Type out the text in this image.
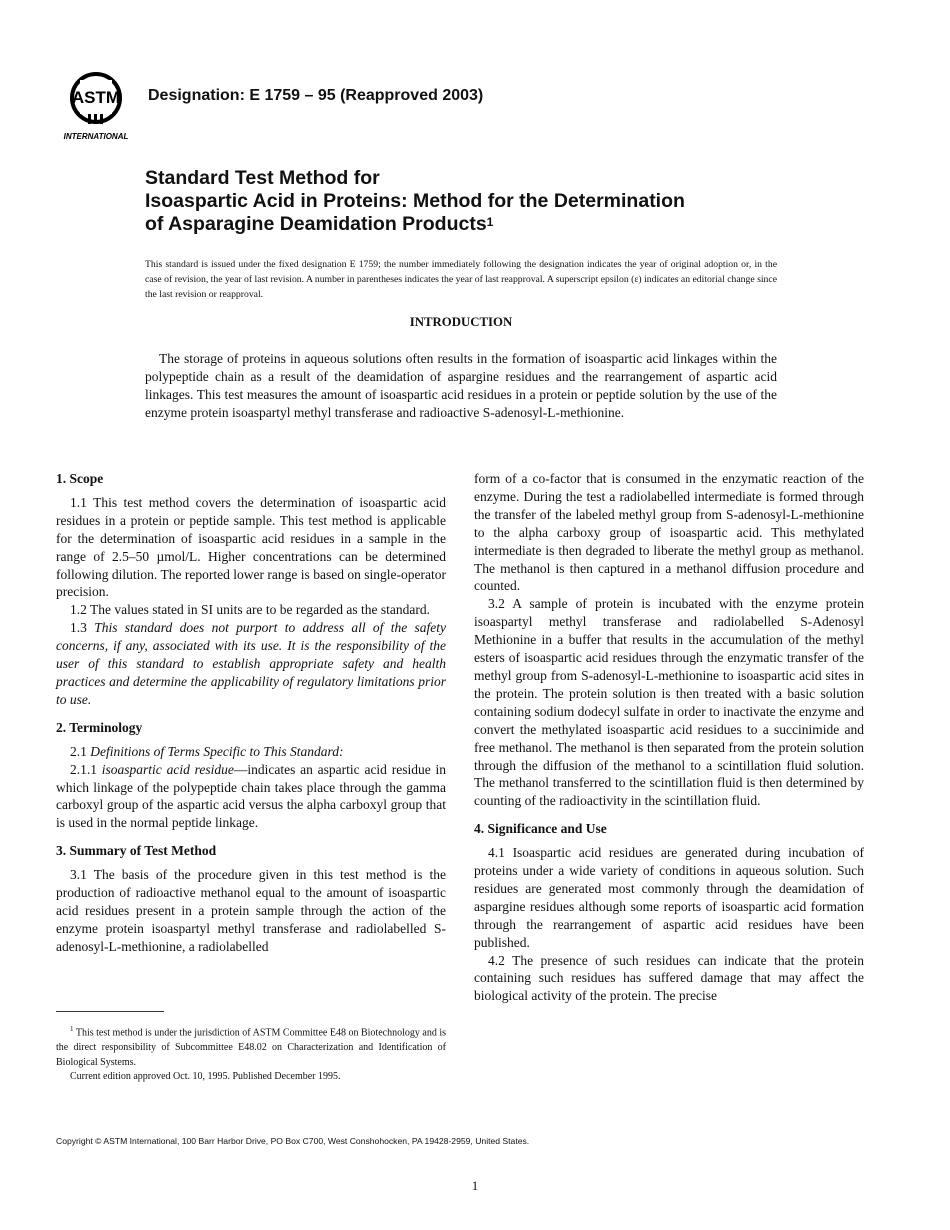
ASTM
INTERNATIONAL
Designation: E 1759 – 95 (Reapproved 2003)
Standard Test Method for
Isoaspartic Acid in Proteins: Method for the Determination
of Asparagine Deamidation Products$^1$
This standard is issued under the fixed designation E 1759; the number immediately following the designation indicates the year of original adoption or, in the case of revision, the year of last revision. A number in parentheses indicates the year of last reapproval. A superscript epsilon (ε) indicates an editorial change since the last revision or reapproval.
INTRODUCTION
The storage of proteins in aqueous solutions often results in the formation of isoaspartic acid linkages within the polypeptide chain as a result of the deamidation of aspargine residues and the rearrangement of aspartic acid linkages. This test measures the amount of isoaspartic acid residues in a protein or peptide solution by the use of the enzyme protein isoaspartyl methyl transferase and radioactive S-adenosyl-L-methionine.
1. Scope

1.1 This test method covers the determination of isoaspartic acid residues in a protein or peptide sample. This test method is applicable for the determination of isoaspartic acid residues in a sample in the range of 2.5–50 µmol/L. Higher concentrations can be determined following dilution. The reported lower range is based on single-operator precision.

1.2 The values stated in SI units are to be regarded as the standard.

1.3 This standard does not purport to address all of the safety concerns, if any, associated with its use. It is the responsibility of the user of this standard to establish appropriate safety and health practices and determine the applicability of regulatory limitations prior to use.

2. Terminology

2.1 Definitions of Terms Specific to This Standard:

2.1.1 isoaspartic acid residue—indicates an aspartic acid residue in which linkage of the polypeptide chain takes place through the gamma carboxyl group of the aspartic acid versus the alpha carboxyl group that is used in the normal peptide linkage.

3. Summary of Test Method

3.1 The basis of the procedure given in this test method is the production of radioactive methanol equal to the amount of isoaspartic acid residues present in a protein sample through the action of the enzyme protein isoaspartyl methyl transferase and radiolabelled S-adenosyl-L-methionine, a radiolabelled

form of a co-factor that is consumed in the enzymatic reaction of the enzyme. During the test a radiolabelled intermediate is formed through the transfer of the labeled methyl group from S-adenosyl-L-methionine to the alpha carboxy group of isoaspartic acid. This methylated intermediate is then degraded to liberate the methyl group as methanol. The methanol is then captured in a methanol diffusion procedure and counted.

3.2 A sample of protein is incubated with the enzyme protein isoaspartyl methyl transferase and radiolabelled S-Adenosyl Methionine in a buffer that results in the accumulation of the methyl esters of isoaspartic acid residues through the enzymatic transfer of the methyl group from S-adenosyl-L-methionine to isoaspartic acid sites in the protein. The protein solution is then treated with a basic solution containing sodium dodecyl sulfate in order to inactivate the enzyme and convert the methylated isoaspartic acid residues to a succinimide and free methanol. The methanol is then separated from the protein solution through the diffusion of the methanol to a scintillation fluid solution. The methanol transferred to the scintillation fluid is then determined by counting of the radioactivity in the scintillation fluid.

4. Significance and Use

4.1 Isoaspartic acid residues are generated during incubation of proteins under a wide variety of conditions in aqueous solution. Such residues are generated most commonly through the deamidation of aspargine residues although some reports of isoaspartic acid formation through the rearrangement of aspartic acid residues have been published.

4.2 The presence of such residues can indicate that the protein containing such residues has suffered damage that may affect the biological activity of the protein. The precise

$^1$ This test method is under the jurisdiction of ASTM Committee E48 on Biotechnology and is the direct responsibility of Subcommittee E48.02 on Characterization and Identification of Biological Systems.

Current edition approved Oct. 10, 1995. Published December 1995.

Copyright © ASTM International, 100 Barr Harbor Drive, PO Box C700, West Conshohocken, PA 19428-2959, United States.
1
